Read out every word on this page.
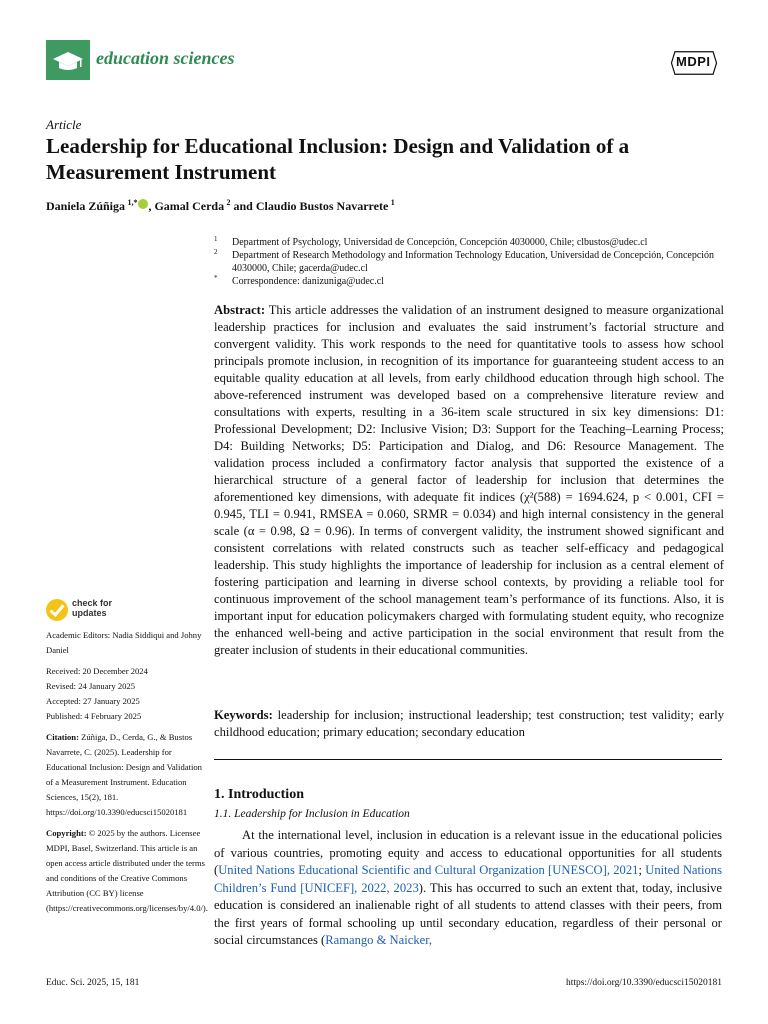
education sciences	MDPI
Article
Leadership for Educational Inclusion: Design and Validation of a Measurement Instrument
Daniela Zúñiga  $^{1,*}$ , Gamal Cerda  $^2$ and Claudio Bustos Navarrete  $^1$
1 Department of Psychology, Universidad de Concepción, Concepción 4030000, Chile; clbustos@udec.cl
2 Department of Research Methodology and Information Technology Education, Universidad de Concepción, Concepción 4030000, Chile; gacerda@udec.cl
* Correspondence: danizuniga@udec.cl
Abstract: This article addresses the validation of an instrument designed to measure organizational leadership practices for inclusion and evaluates the said instrument’s factorial structure and convergent validity. This work responds to the need for quantitative tools to assess how school principals promote inclusion, in recognition of its importance for guaranteeing student access to an equitable quality education at all levels, from early childhood education through high school. The above-referenced instrument was developed based on a comprehensive literature review and consultations with experts, resulting in a 36-item scale structured in six key dimensions: D1: Professional Development; D2: Inclusive Vision; D3: Support for the Teaching–Learning Process; D4: Building Networks; D5: Participation and Dialog, and D6: Resource Management. The validation process included a confirmatory factor analysis that supported the existence of a hierarchical structure of a general factor of leadership for inclusion that determines the aforementioned key dimensions, with adequate fit indices (χ²(588) = 1694.624, p < 0.001, CFI = 0.945, TLI = 0.941, RMSEA = 0.060, SRMR = 0.034) and high internal consistency in the general scale (α = 0.98, Ω = 0.96). In terms of convergent validity, the instrument showed significant and consistent correlations with related constructs such as teacher self-efficacy and pedagogical leadership. This study highlights the importance of leadership for inclusion as a central element of fostering participation and learning in diverse school contexts, by providing a reliable tool for continuous improvement of the school management team’s performance of its functions. Also, it is important input for education policymakers charged with formulating student equity, who recognize the enhanced well-being and active participation in the social environment that result from the greater inclusion of students in their educational communities.
Keywords: leadership for inclusion; instructional leadership; test construction; test validity; early childhood education; primary education; secondary education
1. Introduction
1.1. Leadership for Inclusion in Education
At the international level, inclusion in education is a relevant issue in the educational policies of various countries, promoting equity and access to educational opportunities for all students (United Nations Educational Scientific and Cultural Organization [UNESCO], 2021; United Nations Children’s Fund [UNICEF], 2022, 2023). This has occurred to such an extent that, today, inclusive education is considered an inalienable right of all students to attend classes with their peers, from the first years of formal schooling up until secondary education, regardless of their personal or social circumstances (Ramango & Naicker,
check for
updates

Academic Editors: Nadia Siddiqui and Johny Daniel

Received: 20 December 2024
Revised: 24 January 2025
Accepted: 27 January 2025
Published: 4 February 2025

Citation: Zúñiga, D., Cerda, G., & Bustos Navarrete, C. (2025). Leadership for Educational Inclusion: Design and Validation of a Measurement Instrument. Education Sciences, 15(2), 181. https://doi.org/10.3390/educsci15020181

Copyright: © 2025 by the authors. Licensee MDPI, Basel, Switzerland. This article is an open access article distributed under the terms and conditions of the Creative Commons Attribution (CC BY) license (https://creativecommons.org/licenses/by/4.0/).

Educ. Sci. 2025, 15, 181	https://doi.org/10.3390/educsci15020181
